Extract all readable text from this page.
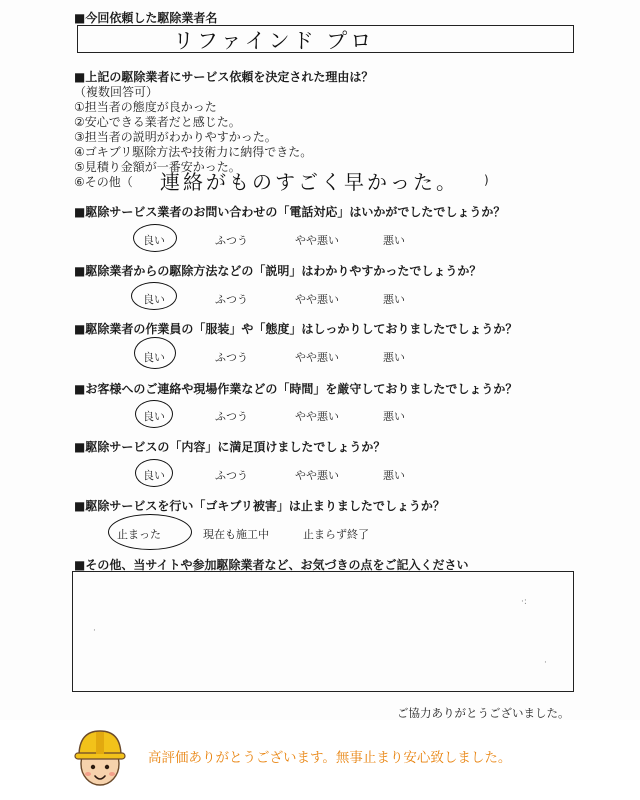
■今回依頼した駆除業者名
リファインド プロ
■上記の駆除業者にサービス依頼を決定された理由は？
（複数回答可）
①担当者の態度が良かった
②安心できる業者だと感じた。
③担当者の説明がわかりやすかった。
④ゴキブリ駆除方法や技術力に納得できた。
⑤見積り金額が一番安かった。
⑥その他（ 連絡がものすごく早かった。 )
■駆除サービス業者のお問い合わせの「電話対応」はいかがでしたでしょうか？
良い	ふつう	やや悪い	悪い
■駆除業者からの駆除方法などの「説明」はわかりやすかったでしょうか？
良い	ふつう	やや悪い	悪い
■駆除業者の作業員の「服装」や「態度」はしっかりしておりましたでしょうか？
良い	ふつう	やや悪い	悪い
■お客様へのご連絡や現場作業などの「時間」を厳守しておりましたでしょうか？
良い	ふつう	やや悪い	悪い
■駆除サービスの「内容」に満足頂けましたでしょうか？
良い	ふつう	やや悪い	悪い
■駆除サービスを行い「ゴキブリ被害」は止まりましたでしょうか？
止まった	現在も施工中	止まらず終了
■その他、当サイトや参加駆除業者など、お気づきの点をご記入ください
·:
·
·
ご協力ありがとうございました。
高評価ありがとうございます。無事止まり安心致しました。
